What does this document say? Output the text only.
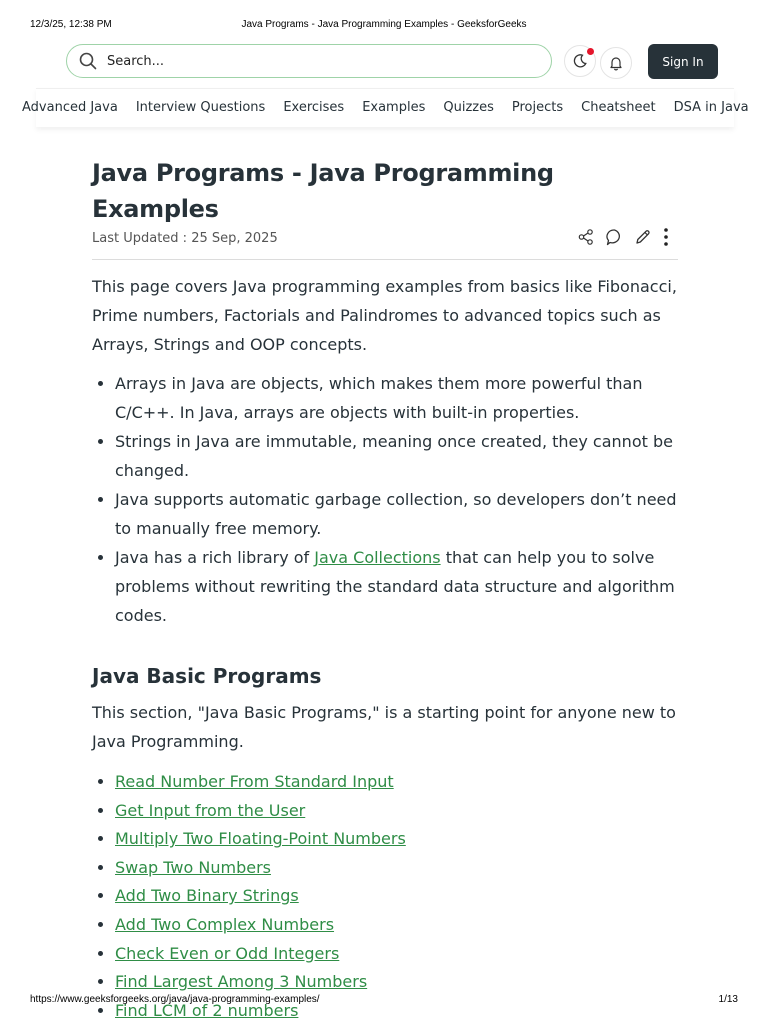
12/3/25, 12:38 PM	Java Programs - Java Programming Examples - GeeksforGeeks
Search...
Sign In
Advanced Java Interview Questions Exercises Examples Quizzes Projects Cheatsheet DSA in Java
Java Programs - Java Programming Examples
Last Updated : 25 Sep, 2025

This page covers Java programming examples from basics like Fibonacci, Prime numbers, Factorials and Palindromes to advanced topics such as Arrays, Strings and OOP concepts.

• Arrays in Java are objects, which makes them more powerful than C/C++. In Java, arrays are objects with built-in properties.
• Strings in Java are immutable, meaning once created, they cannot be changed.
• Java supports automatic garbage collection, so developers don’t need to manually free memory.
• Java has a rich library of Java Collections that can help you to solve problems without rewriting the standard data structure and algorithm codes.
Java Basic Programs

This section, "Java Basic Programs," is a starting point for anyone new to Java Programming.

• Read Number From Standard Input
• Get Input from the User
• Multiply Two Floating-Point Numbers
• Swap Two Numbers
• Add Two Binary Strings
• Add Two Complex Numbers
• Check Even or Odd Integers
• Find Largest Among 3 Numbers
• Find LCM of 2 numbers
https://www.geeksforgeeks.org/java/java-programming-examples/	1/13
